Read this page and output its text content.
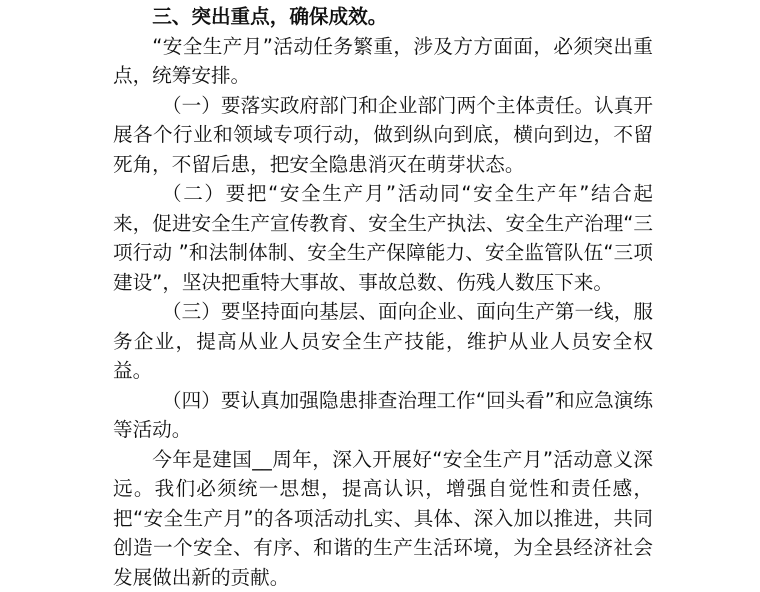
三、突出重点，确保成效。

“安全生产月”活动任务繁重，涉及方方面面，必须突出重点，统筹安排。

（一）要落实政府部门和企业部门两个主体责任。认真开展各个行业和领域专项行动，做到纵向到底，横向到边，不留死角，不留后患，把安全隐患消灭在萌芽状态。

（二）要把“安全生产月”活动同“安全生产年”结合起来，促进安全生产宣传教育、安全生产执法、安全生产治理“三项行动 ”和法制体制、安全生产保障能力、安全监管队伍“三项建设”，坚决把重特大事故、事故总数、伤残人数压下来。

（三）要坚持面向基层、面向企业、面向生产第一线，服务企业，提高从业人员安全生产技能，维护从业人员安全权益。

（四）要认真加强隐患排查治理工作“回头看”和应急演练等活动。

今年是建国__周年，深入开展好“安全生产月”活动意义深远。我们必须统一思想，提高认识，增强自觉性和责任感，把“安全生产月”的各项活动扎实、具体、深入加以推进，共同创造一个安全、有序、和谐的生产生活环境，为全县经济社会发展做出新的贡献。
